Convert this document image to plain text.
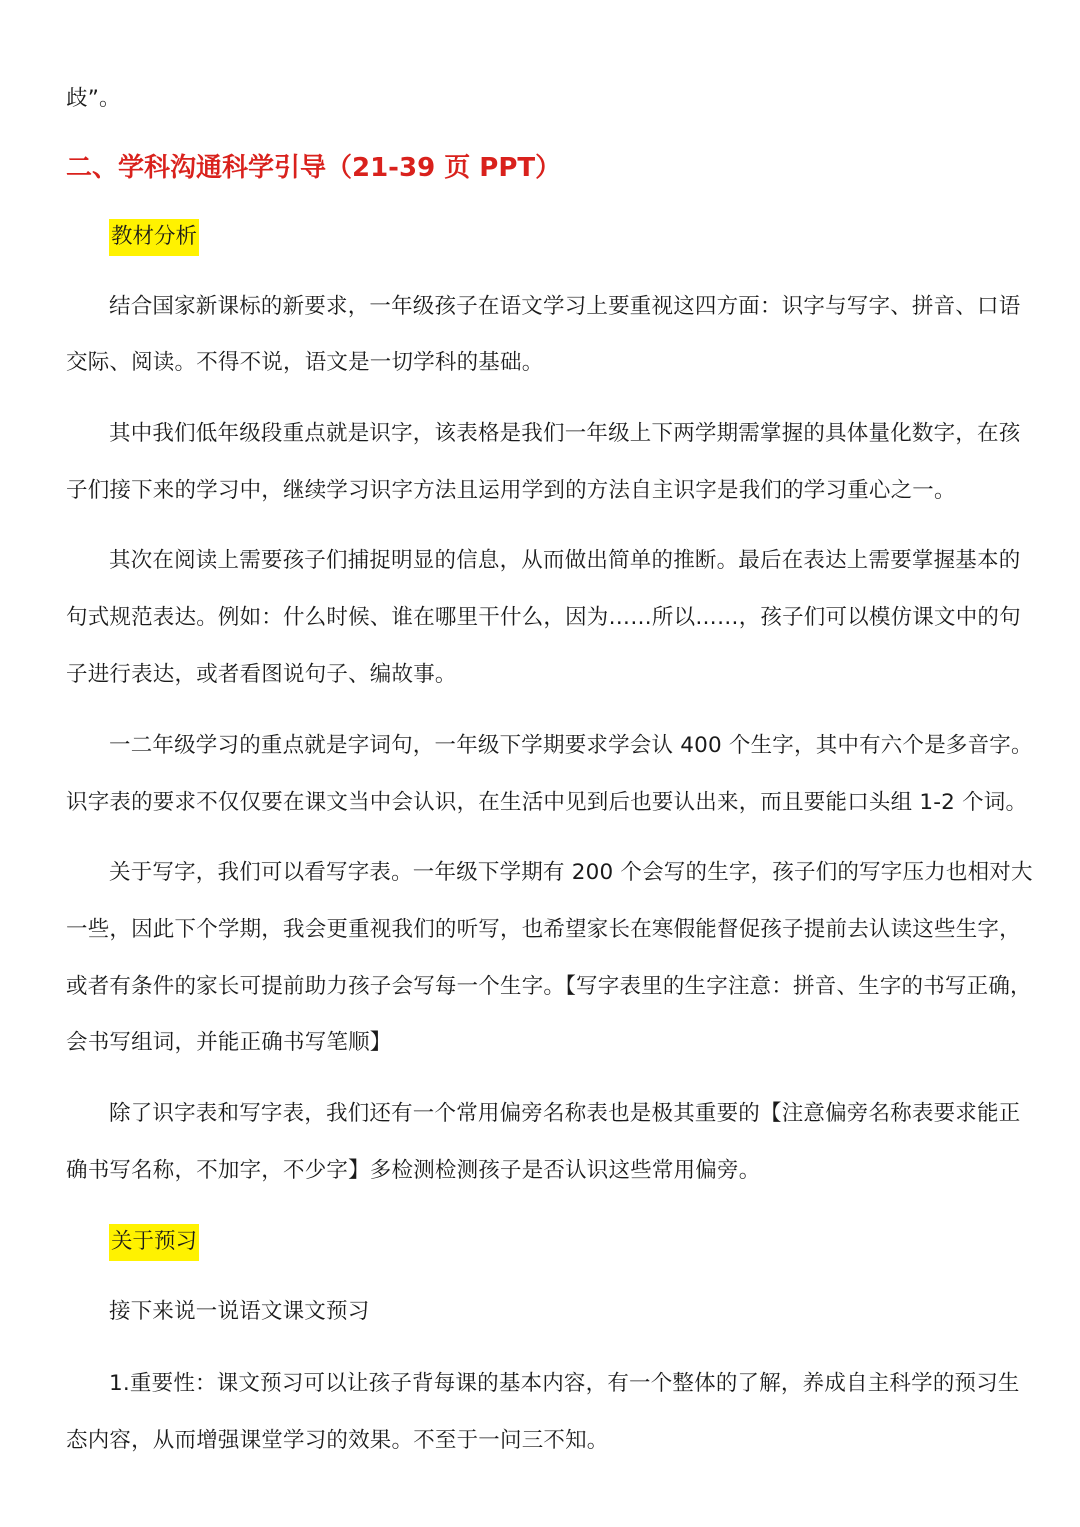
歧”。
二、学科沟通科学引导（21-39 页 PPT）
教材分析
结合国家新课标的新要求，一年级孩子在语文学习上要重视这四方面：识字与写字、拼音、口语
交际、阅读。不得不说，语文是一切学科的基础。
其中我们低年级段重点就是识字，该表格是我们一年级上下两学期需掌握的具体量化数字，在孩
子们接下来的学习中，继续学习识字方法且运用学到的方法自主识字是我们的学习重心之一。
其次在阅读上需要孩子们捕捉明显的信息，从而做出简单的推断。最后在表达上需要掌握基本的
句式规范表达。例如：什么时候、谁在哪里干什么，因为……所以……，孩子们可以模仿课文中的句
子进行表达，或者看图说句子、编故事。
一二年级学习的重点就是字词句，一年级下学期要求学会认 400 个生字，其中有六个是多音字。
识字表的要求不仅仅要在课文当中会认识，在生活中见到后也要认出来，而且要能口头组 1-2 个词。
关于写字，我们可以看写字表。一年级下学期有 200 个会写的生字，孩子们的写字压力也相对大
一些，因此下个学期，我会更重视我们的听写，也希望家长在寒假能督促孩子提前去认读这些生字，
或者有条件的家长可提前助力孩子会写每一个生字。【写字表里的生字注意：拼音、生字的书写正确，
会书写组词，并能正确书写笔顺】
除了识字表和写字表，我们还有一个常用偏旁名称表也是极其重要的【注意偏旁名称表要求能正
确书写名称，不加字，不少字】多检测检测孩子是否认识这些常用偏旁。
关于预习
接下来说一说语文课文预习
1.重要性：课文预习可以让孩子背每课的基本内容，有一个整体的了解，养成自主科学的预习生
态内容，从而增强课堂学习的效果。不至于一问三不知。
